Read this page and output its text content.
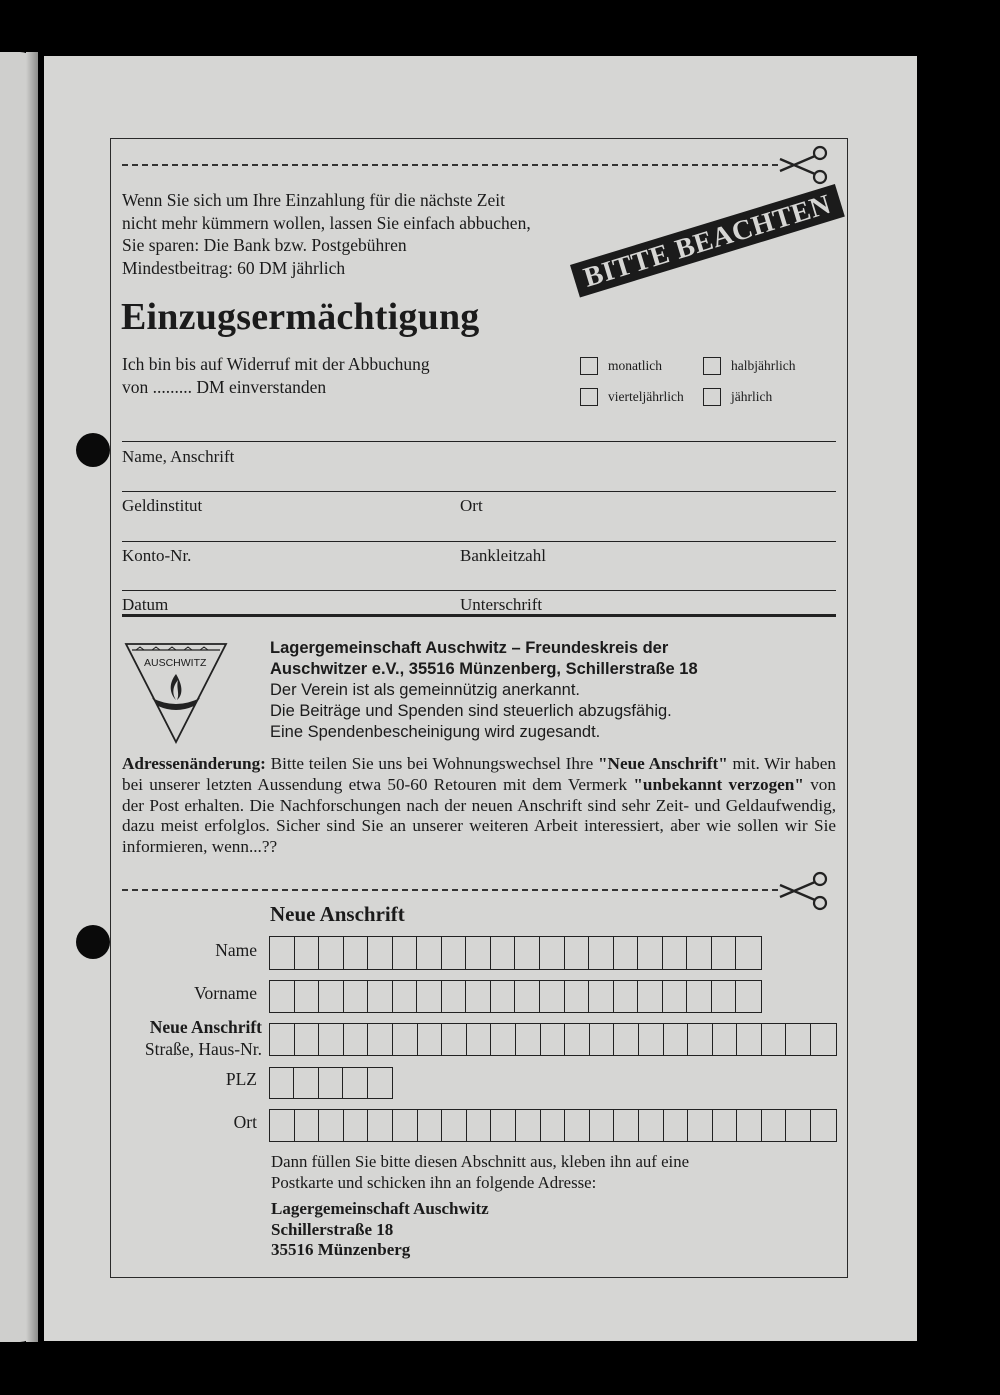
Wenn Sie sich um Ihre Einzahlung für die nächste Zeit
nicht mehr kümmern wollen, lassen Sie einfach abbuchen,
Sie sparen: Die Bank bzw. Postgebühren
Mindestbeitrag: 60 DM jährlich	BITTE BEACHTEN
Einzugsermächtigung
Ich bin bis auf Widerruf mit der Abbuchung
von ......... DM einverstanden
monatlich	halbjährlich
vierteljährlich	jährlich
Name, Anschrift
Geldinstitut	Ort
Konto-Nr.	Bankleitzahl
Datum	Unterschrift
AUSCHWITZ
Lagergemeinschaft Auschwitz – Freundeskreis der
Auschwitzer e.V., 35516 Münzenberg, Schillerstraße 18
Der Verein ist als gemeinnützig anerkannt.
Die Beiträge und Spenden sind steuerlich abzugsfähig.
Eine Spendenbescheinigung wird zugesandt.
Adressenänderung: Bitte teilen Sie uns bei Wohnungswechsel Ihre "Neue Anschrift" mit. Wir haben bei unserer letzten Aussendung etwa 50-60 Retouren mit dem Vermerk "unbekannt verzogen" von der Post erhalten. Die Nachforschungen nach der neuen Anschrift sind sehr Zeit- und Geldaufwendig, dazu meist erfolglos. Sicher sind Sie an unserer weiteren Arbeit interessiert, aber wie sollen wir Sie informieren, wenn...??
Neue Anschrift
Name
Vorname
Neue Anschrift
Straße, Haus-Nr.
PLZ
Ort
Dann füllen Sie bitte diesen Abschnitt aus, kleben ihn auf eine
Postkarte und schicken ihn an folgende Adresse:
Lagergemeinschaft Auschwitz
Schillerstraße 18
35516 Münzenberg
